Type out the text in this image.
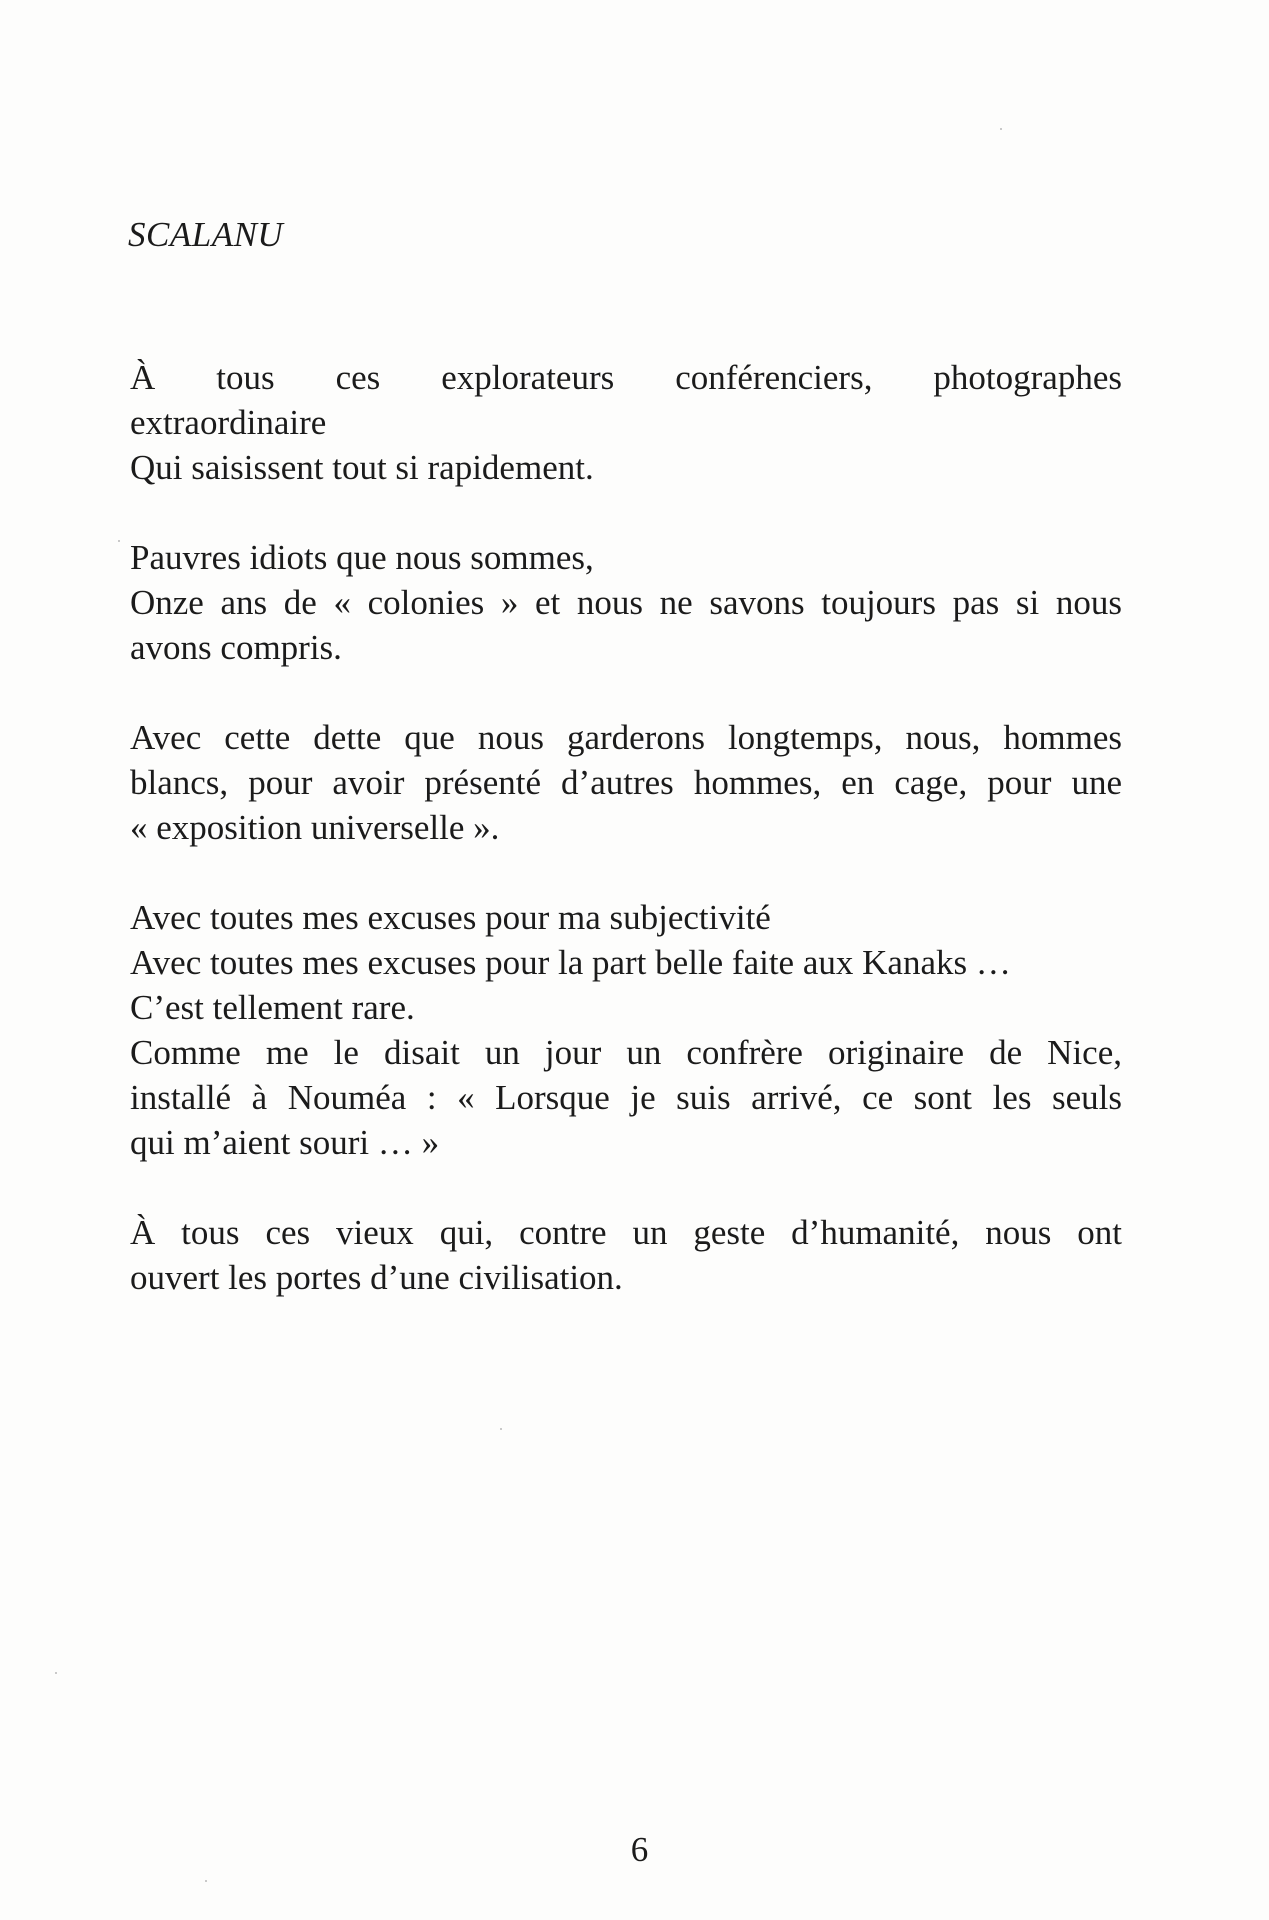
SCALANU

À tous ces explorateurs conférenciers, photographes

extraordinaire

Qui saisissent tout si rapidement.

Pauvres idiots que nous sommes,

Onze ans de « colonies » et nous ne savons toujours pas si nous

avons compris.

Avec cette dette que nous garderons longtemps, nous, hommes

blancs, pour avoir présenté d’autres hommes, en cage, pour une

« exposition universelle ».

Avec toutes mes excuses pour ma subjectivité

Avec toutes mes excuses pour la part belle faite aux Kanaks …

C’est tellement rare.

Comme me le disait un jour un confrère originaire de Nice,

installé à Nouméa : « Lorsque je suis arrivé, ce sont les seuls

qui m’aient souri … »

À tous ces vieux qui, contre un geste d’humanité, nous ont

ouvert les portes d’une civilisation.

6
